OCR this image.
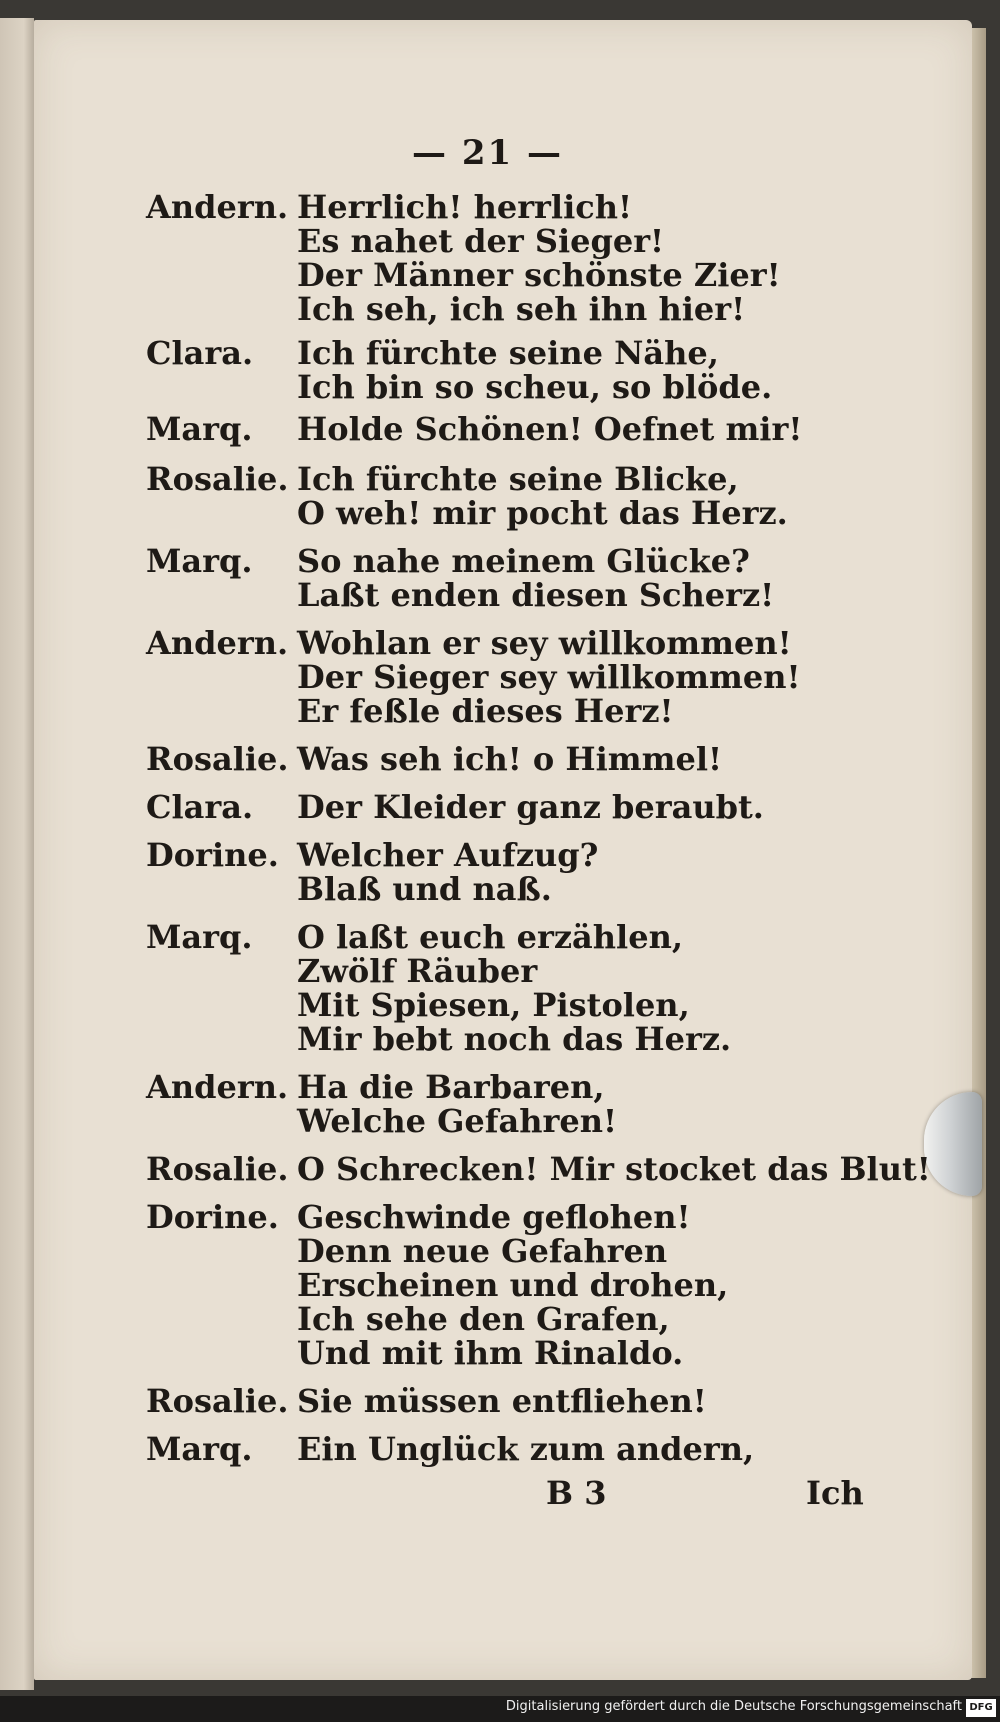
— 21 —
Andern. Herrlich! herrlich!
Es nahet der Sieger!
Der Männer schönste Zier!
Ich seh, ich seh ihn hier!
Clara. Ich fürchte seine Nähe,
Ich bin so scheu, so blöde.
Marq. Holde Schönen! Oefnet mir!
Rosalie. Ich fürchte seine Blicke,
O weh! mir pocht das Herz.
Marq. So nahe meinem Glücke?
Laßt enden diesen Scherz!
Andern. Wohlan er sey willkommen!
Der Sieger sey willkommen!
Er feßle dieses Herz!
Rosalie. Was seh ich! o Himmel!
Clara. Der Kleider ganz beraubt.
Dorine. Welcher Aufzug?
Blaß und naß.
Marq. O laßt euch erzählen,
Zwölf Räuber
Mit Spiesen, Pistolen,
Mir bebt noch das Herz.
Andern. Ha die Barbaren,
Welche Gefahren!
Rosalie. O Schrecken! Mir stocket das Blut!
Dorine. Geschwinde geflohen!
Denn neue Gefahren
Erscheinen und drohen,
Ich sehe den Grafen,
Und mit ihm Rinaldo.
Rosalie. Sie müssen entfliehen!
Marq. Ein Unglück zum andern,
B 3	Ich
Digitalisierung gefördert durch die Deutsche Forschungsgemeinschaft DFG
